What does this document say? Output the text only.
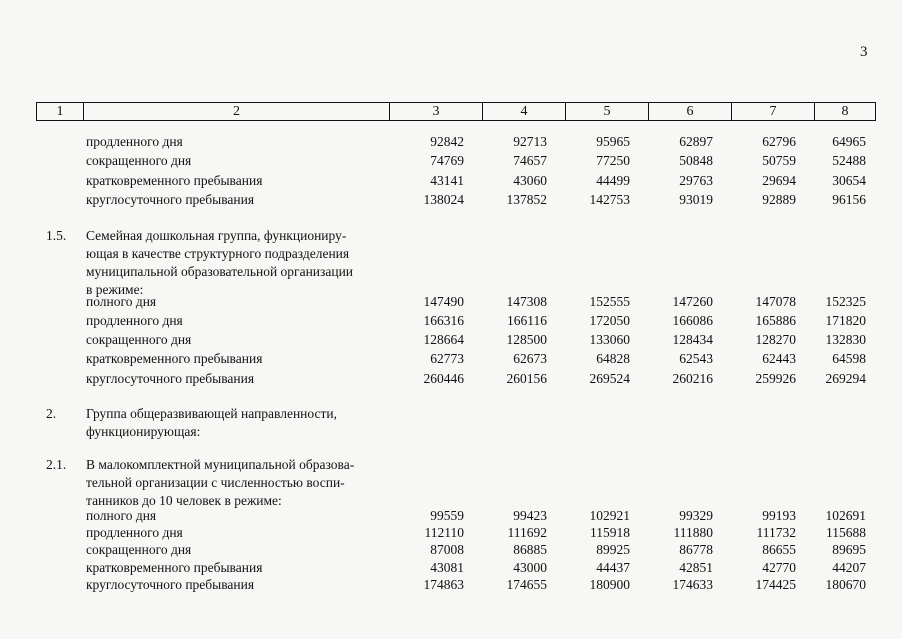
3
1	2	3	4	5	6	7	8
продленного дня	92842	92713	95965	62897	62796	64965
сокращенного дня	74769	74657	77250	50848	50759	52488
кратковременного пребывания	43141	43060	44499	29763	29694	30654
круглосуточного пребывания	138024	137852	142753	93019	92889	96156
1.5. Семейная дошкольная группа, функциониру-
ющая в качестве структурного подразделения
муниципальной образовательной организации
в режиме:
полного дня	147490	147308	152555	147260	147078	152325
продленного дня	166316	166116	172050	166086	165886	171820
сокращенного дня	128664	128500	133060	128434	128270	132830
кратковременного пребывания	62773	62673	64828	62543	62443	64598
круглосуточного пребывания	260446	260156	269524	260216	259926	269294
2. Группа общеразвивающей направленности,
функционирующая:
2.1. В малокомплектной муниципальной образова-
тельной организации с численностью воспи-
танников до 10 человек в режиме:
полного дня	99559	99423	102921	99329	99193	102691
продленного дня	112110	111692	115918	111880	111732	115688
сокращенного дня	87008	86885	89925	86778	86655	89695
кратковременного пребывания	43081	43000	44437	42851	42770	44207
круглосуточного пребывания	174863	174655	180900	174633	174425	180670
